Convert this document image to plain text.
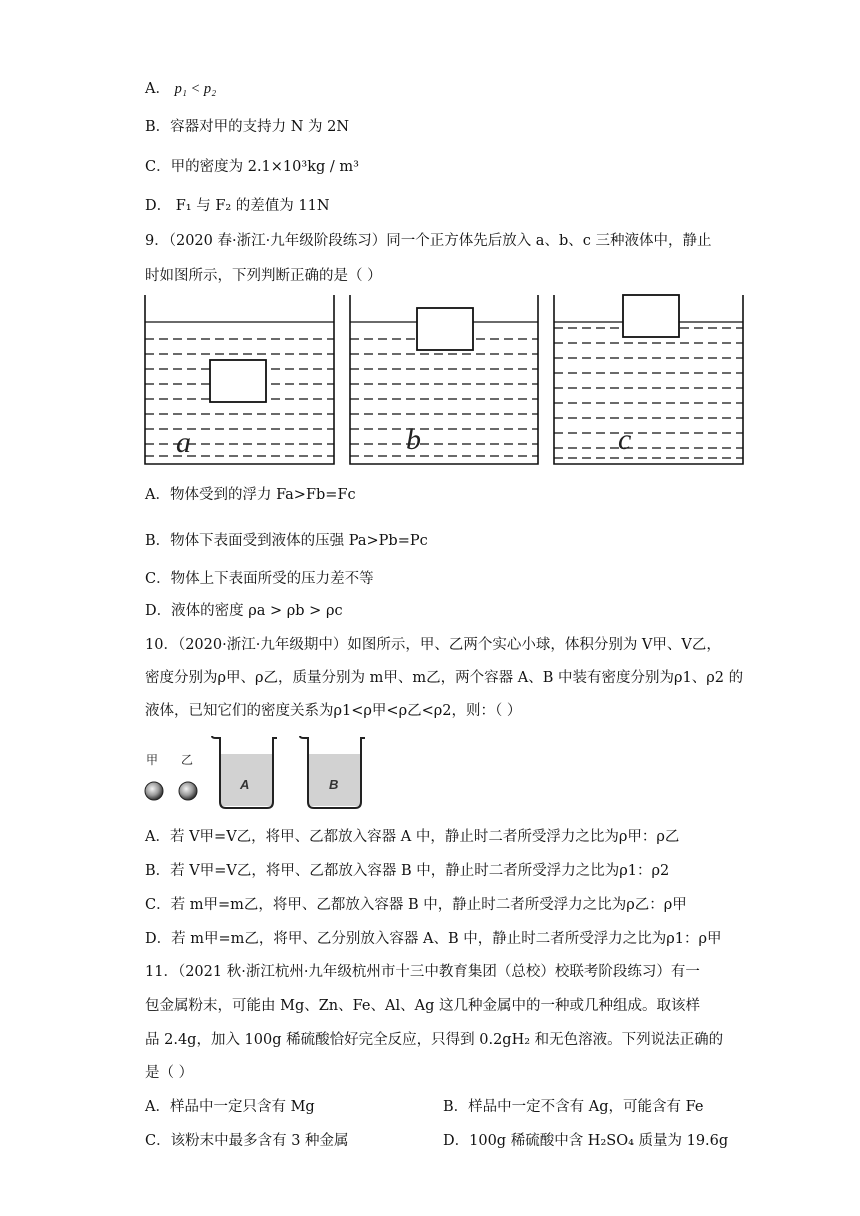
A． p₁ < p₂
B．容器对甲的支持力 N 为 2N
C．甲的密度为 2.1×10³kg / m³
D． F₁ 与 F₂ 的差值为 11N
9．（2020 春·浙江·九年级阶段练习）同一个正方体先后放入 a、b、c 三种液体中，静止
时如图所示，下列判断正确的是（ ）
a	b	c
A．物体受到的浮力 Fa>Fb=Fc
B．物体下表面受到液体的压强 Pa>Pb=Pc
C．物体上下表面所受的压力差不等
D．液体的密度 ρa > ρb > ρc
10．（2020·浙江·九年级期中）如图所示，甲、乙两个实心小球，体积分别为 V甲、V乙，
密度分别为ρ甲、ρ乙，质量分别为 m甲、m乙，两个容器 A、B 中装有密度分别为ρ1、ρ2 的
液体，已知它们的密度关系为ρ1<ρ甲<ρ乙<ρ2，则：（ ）
甲 乙
A	B
A．若 V甲=V乙，将甲、乙都放入容器 A 中，静止时二者所受浮力之比为ρ甲：ρ乙
B．若 V甲=V乙，将甲、乙都放入容器 B 中，静止时二者所受浮力之比为ρ1：ρ2
C．若 m甲=m乙，将甲、乙都放入容器 B 中，静止时二者所受浮力之比为ρ乙：ρ甲
D．若 m甲=m乙，将甲、乙分别放入容器 A、B 中，静止时二者所受浮力之比为ρ1：ρ甲
11．（2021 秋·浙江杭州·九年级杭州市十三中教育集团（总校）校联考阶段练习）有一
包金属粉末，可能由 Mg、Zn、Fe、Al、Ag 这几种金属中的一种或几种组成。取该样
品 2.4g，加入 100g 稀硫酸恰好完全反应，只得到 0.2gH₂ 和无色溶液。下列说法正确的
是（ ）
A．样品中一定只含有 Mg	B．样品中一定不含有 Ag，可能含有 Fe
C．该粉末中最多含有 3 种金属	D．100g 稀硫酸中含 H₂SO₄ 质量为 19.6g
